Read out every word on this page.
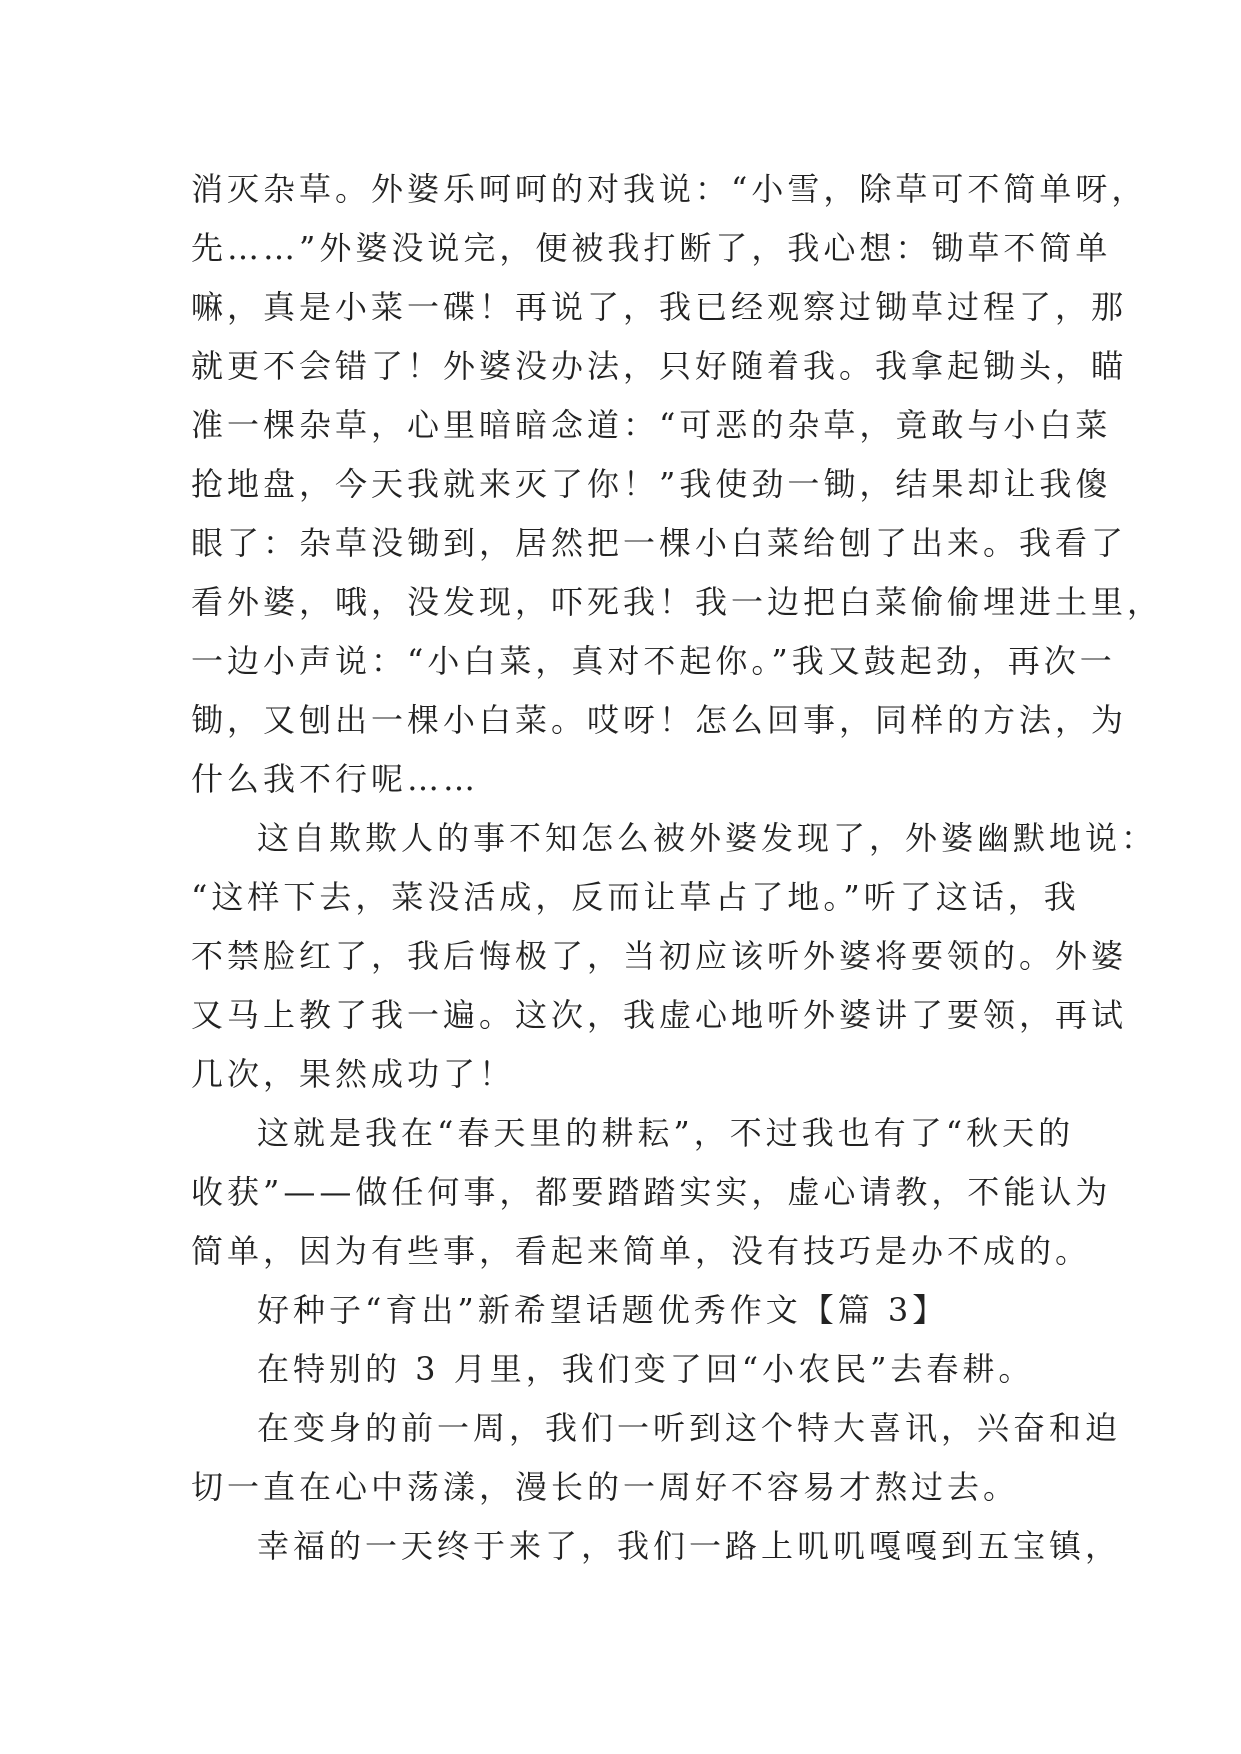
消灭杂草。外婆乐呵呵的对我说：“小雪，除草可不简单呀，
先……”外婆没说完，便被我打断了，我心想：锄草不简单
嘛，真是小菜一碟！再说了，我已经观察过锄草过程了，那
就更不会错了！外婆没办法，只好随着我。我拿起锄头，瞄
准一棵杂草，心里暗暗念道：“可恶的杂草，竟敢与小白菜
抢地盘，今天我就来灭了你！”我使劲一锄，结果却让我傻
眼了：杂草没锄到，居然把一棵小白菜给刨了出来。我看了
看外婆，哦，没发现，吓死我！我一边把白菜偷偷埋进土里，
一边小声说：“小白菜，真对不起你。”我又鼓起劲，再次一
锄，又刨出一棵小白菜。哎呀！怎么回事，同样的方法，为
什么我不行呢……
这自欺欺人的事不知怎么被外婆发现了，外婆幽默地说：
“这样下去，菜没活成，反而让草占了地。”听了这话，我
不禁脸红了，我后悔极了，当初应该听外婆将要领的。外婆
又马上教了我一遍。这次，我虚心地听外婆讲了要领，再试
几次，果然成功了！
这就是我在“春天里的耕耘”，不过我也有了“秋天的
收获”——做任何事，都要踏踏实实，虚心请教，不能认为
简单，因为有些事，看起来简单，没有技巧是办不成的。
好种子“育出”新希望话题优秀作文【篇 3】
在特别的 3 月里，我们变了回“小农民”去春耕。
在变身的前一周，我们一听到这个特大喜讯，兴奋和迫
切一直在心中荡漾，漫长的一周好不容易才熬过去。
幸福的一天终于来了，我们一路上叽叽嘎嘎到五宝镇，
